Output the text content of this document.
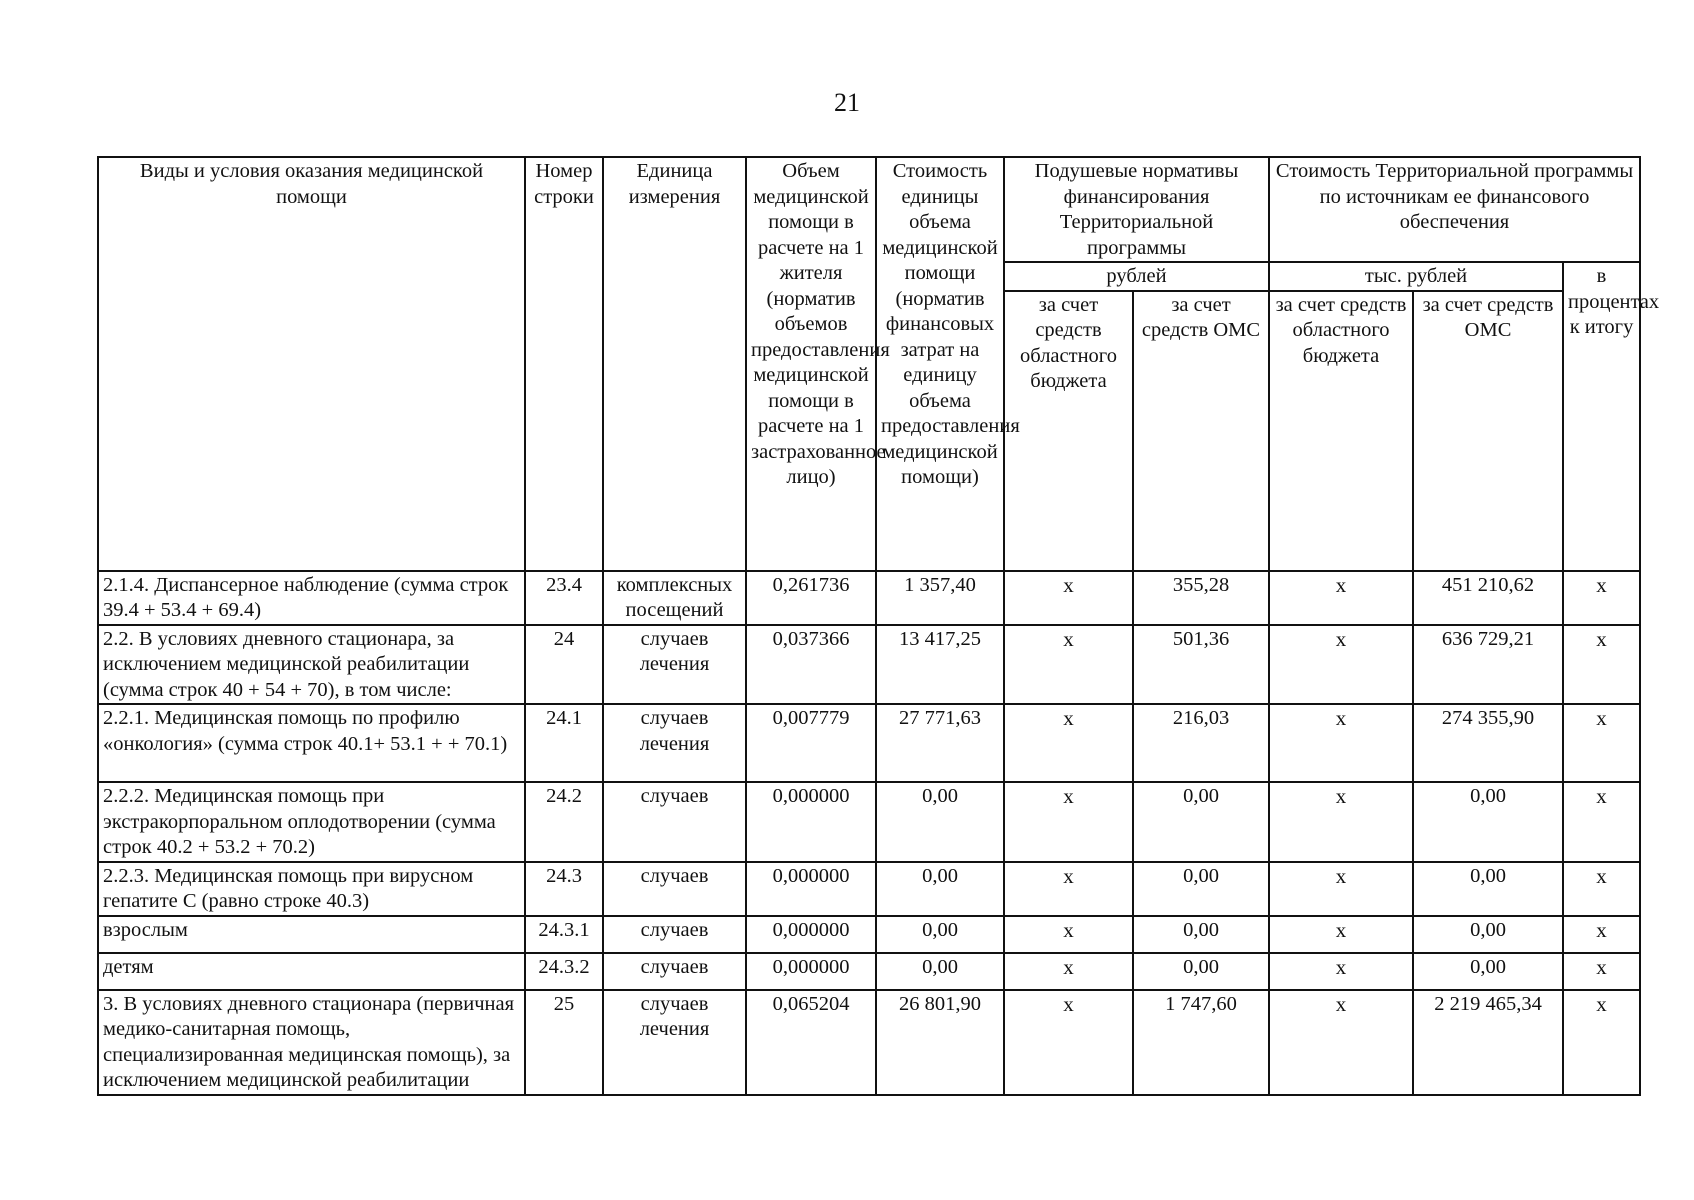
21
Виды и условия оказания медицинской помощи	Номер строки	Единица измерения	Объем медицинской помощи в расчете на 1 жителя (норматив объемов предоставления медицинской помощи в расчете на 1 застрахованное лицо)	Стоимость единицы объема медицинской помощи (норматив финансовых затрат на единицу объема предоставления медицинской помощи)	Подушевые нормативы финансирования Территориальной программы		Стоимость Территориальной программы по источникам ее финансового обеспечения		
					рублей		тыс. рублей		в процентах к итогу
					за счет средств областного бюджета	за счет средств ОМС	за счет средств областного бюджета	за счет средств ОМС	
2.1.4. Диспансерное наблюдение (сумма строк 39.4 + 53.4 + 69.4)	23.4	комплексных посещений	0,261736	1 357,40	х	355,28	х	451 210,62	х
2.2. В условиях дневного стационара, за исключением медицинской реабилитации (сумма строк 40 + 54 + 70), в том числе:	24	случаев лечения	0,037366	13 417,25	х	501,36	х	636 729,21	х
2.2.1. Медицинская помощь по профилю «онкология» (сумма строк 40.1+ 53.1 + + 70.1)	24.1	случаев лечения	0,007779	27 771,63	х	216,03	х	274 355,90	х
2.2.2. Медицинская помощь при экстракорпоральном оплодотворении (сумма строк 40.2 + 53.2 + 70.2)	24.2	случаев	0,000000	0,00	х	0,00	х	0,00	х
2.2.3. Медицинская помощь при вирусном гепатите С (равно строке 40.3)	24.3	случаев	0,000000	0,00	х	0,00	х	0,00	х
взрослым	24.3.1	случаев	0,000000	0,00	х	0,00	х	0,00	х
детям	24.3.2	случаев	0,000000	0,00	х	0,00	х	0,00	х
3. В условиях дневного стационара (первичная медико-санитарная помощь, специализированная медицинская помощь), за исключением медицинской реабилитации	25	случаев лечения	0,065204	26 801,90	х	1 747,60	х	2 219 465,34	х
